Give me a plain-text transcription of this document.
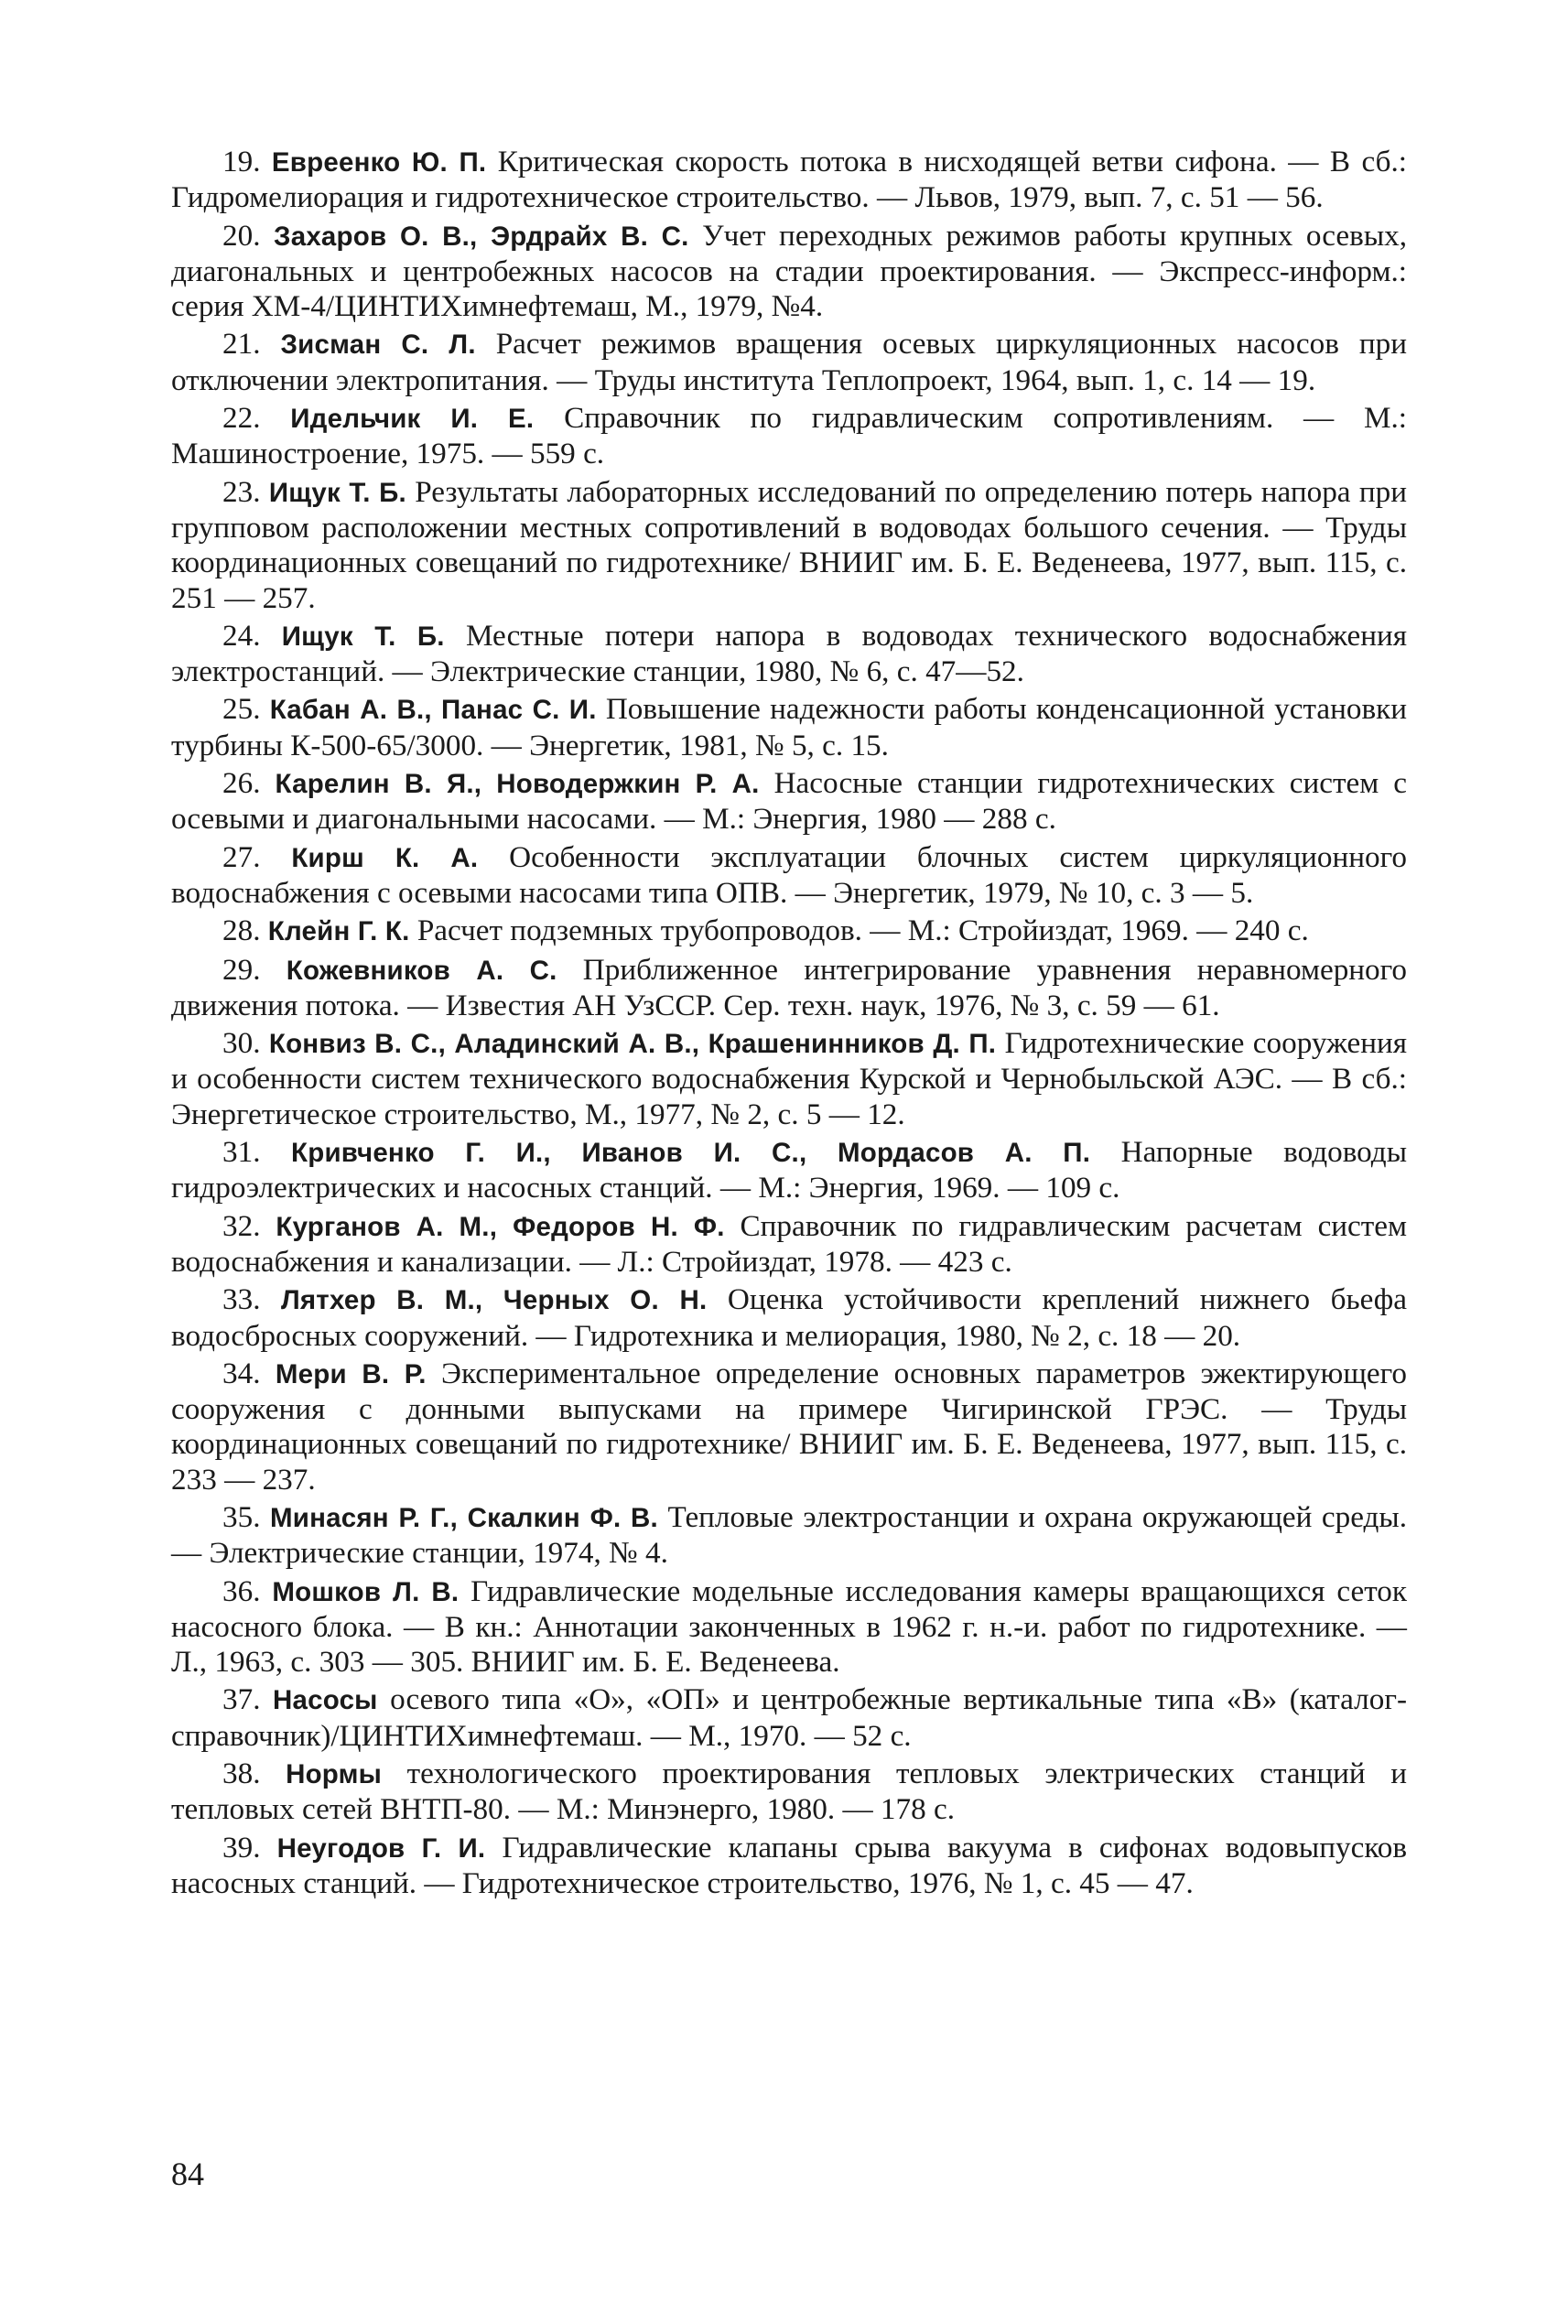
19. Евреенко Ю. П. Критическая скорость потока в нисходящей ветви сифона. — В сб.: Гидромелиорация и гидротехническое строительство. — Львов, 1979, вып. 7, с. 51 — 56.

20. Захаров О. В., Эрдрайх В. С. Учет переходных режимов работы крупных осевых, диагональных и центробежных насосов на стадии проектирования. — Экспресс-информ.: серия ХМ-4/ЦИНТИХимнефтемаш, М., 1979, №4.

21. Зисман С. Л. Расчет режимов вращения осевых циркуляционных насосов при отключении электропитания. — Труды института Теплопроект, 1964, вып. 1, с. 14 — 19.

22. Идельчик И. Е. Справочник по гидравлическим сопротивлениям. — М.: Машиностроение, 1975. — 559 с.

23. Ищук Т. Б. Результаты лабораторных исследований по определению потерь напора при групповом расположении местных сопротивлений в водоводах большого сечения. — Труды координационных совещаний по гидротехнике/ ВНИИГ им. Б. Е. Веденеева, 1977, вып. 115, с. 251 — 257.

24. Ищук Т. Б. Местные потери напора в водоводах технического водоснабжения электростанций. — Электрические станции, 1980, № 6, с. 47—52.

25. Кабан А. В., Панас С. И. Повышение надежности работы конденсационной установки турбины К-500-65/3000. — Энергетик, 1981, № 5, с. 15.

26. Карелин В. Я., Новодержкин Р. А. Насосные станции гидротехнических систем с осевыми и диагональными насосами. — М.: Энергия, 1980 — 288 с.

27. Кирш К. А. Особенности эксплуатации блочных систем циркуляционного водоснабжения с осевыми насосами типа ОПВ. — Энергетик, 1979, № 10, с. 3 — 5.

28. Клейн Г. К. Расчет подземных трубопроводов. — М.: Стройиздат, 1969. — 240 с.

29. Кожевников А. С. Приближенное интегрирование уравнения неравномерного движения потока. — Известия АН УзССР. Сер. техн. наук, 1976, № 3, с. 59 — 61.

30. Конвиз В. С., Аладинский А. В., Крашенинников Д. П. Гидротехнические сооружения и особенности систем технического водоснабжения Курской и Чернобыльской АЭС. — В сб.: Энергетическое строительство, М., 1977, № 2, с. 5 — 12.

31. Кривченко Г. И., Иванов И. С., Мордасов А. П. Напорные водоводы гидроэлектрических и насосных станций. — М.: Энергия, 1969. — 109 с.

32. Курганов А. М., Федоров Н. Ф. Справочник по гидравлическим расчетам систем водоснабжения и канализации. — Л.: Стройиздат, 1978. — 423 с.

33. Лятхер В. М., Черных О. Н. Оценка устойчивости креплений нижнего бьефа водосбросных сооружений. — Гидротехника и мелиорация, 1980, № 2, с. 18 — 20.

34. Мери В. Р. Экспериментальное определение основных параметров эжектирующего сооружения с донными выпусками на примере Чигиринской ГРЭС. — Труды координационных совещаний по гидротехнике/ ВНИИГ им. Б. Е. Веденеева, 1977, вып. 115, с. 233 — 237.

35. Минасян Р. Г., Скалкин Ф. В. Тепловые электростанции и охрана окружающей среды. — Электрические станции, 1974, № 4.

36. Мошков Л. В. Гидравлические модельные исследования камеры вращающихся сеток насосного блока. — В кн.: Аннотации законченных в 1962 г. н.-и. работ по гидротехнике. — Л., 1963, с. 303 — 305. ВНИИГ им. Б. Е. Веденеева.

37. Насосы осевого типа «О», «ОП» и центробежные вертикальные типа «В» (каталог-справочник)/ЦИНТИХимнефтемаш. — М., 1970. — 52 с.

38. Нормы технологического проектирования тепловых электрических станций и тепловых сетей ВНТП-80. — М.: Минэнерго, 1980. — 178 с.

39. Неугодов Г. И. Гидравлические клапаны срыва вакуума в сифонах водовыпусков насосных станций. — Гидротехническое строительство, 1976, № 1, с. 45 — 47.

84
